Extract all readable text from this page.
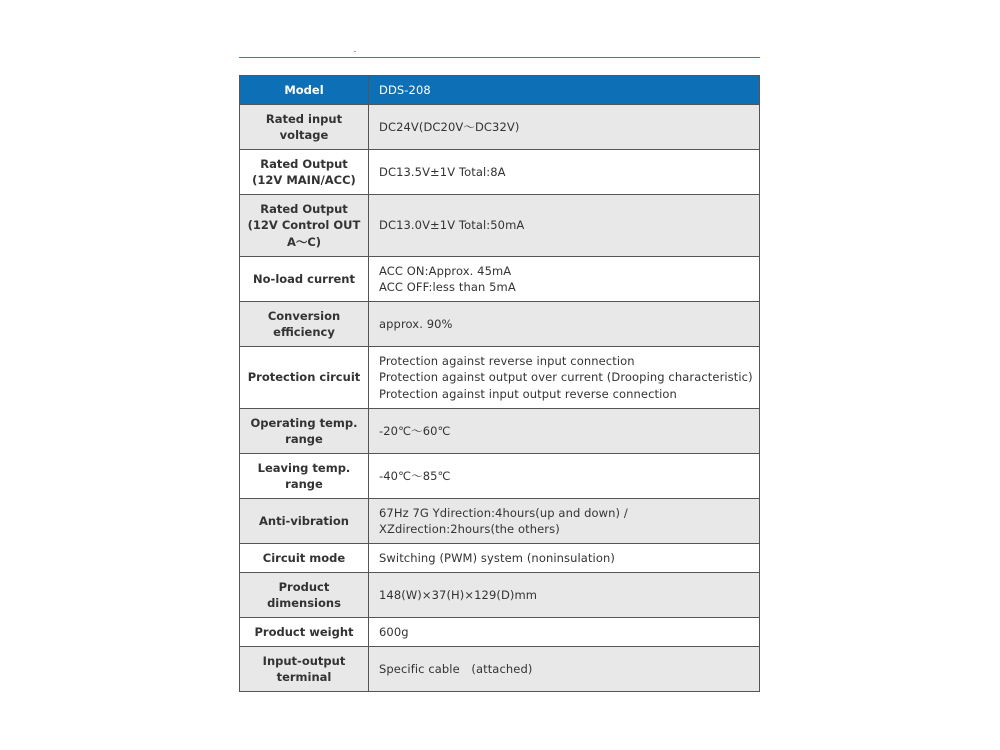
Model	DDS-208

Rated input
voltage	DC24V(DC20V～DC32V)

Rated Output
(12V MAIN/ACC)	DC13.5V±1V Total:8A

Rated Output
(12V Control OUT
A～C)	DC13.0V±1V Total:50mA

No-load current	ACC ON:Approx. 45mA
ACC OFF:less than 5mA

Conversion
efficiency	approx. 90%

Protection circuit	Protection against reverse input connection
Protection against output over current (Drooping characteristic)
Protection against input output reverse connection

Operating temp.
range	-20℃～60℃

Leaving temp.
range	-40℃～85℃

Anti-vibration	67Hz 7G Ydirection:4hours(up and down) /
XZdirection:2hours(the others)

Circuit mode	Switching (PWM) system (noninsulation)

Product
dimensions	148(W)×37(H)×129(D)mm

Product weight	600g

Input-output
terminal	Specific cable　(attached)
